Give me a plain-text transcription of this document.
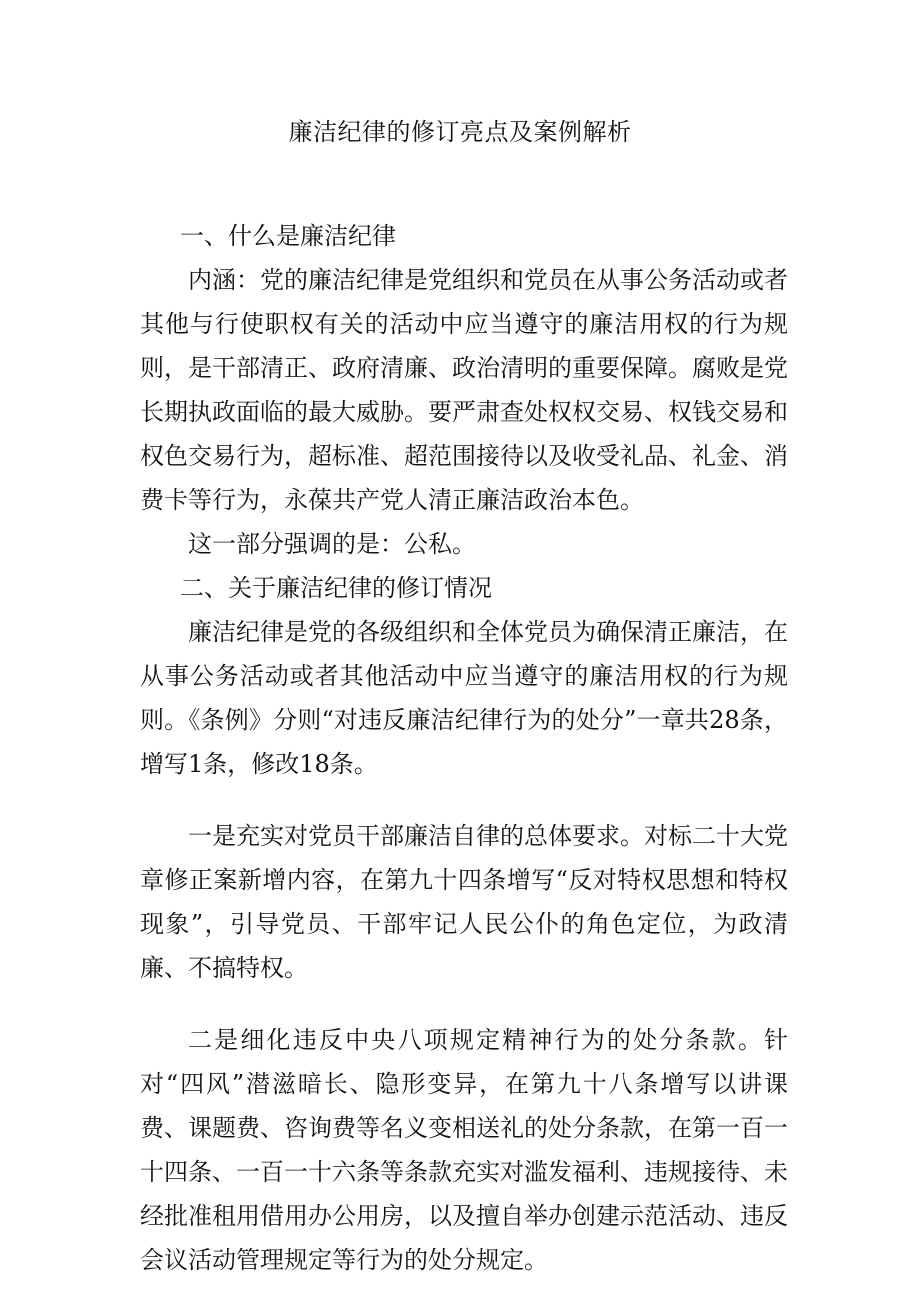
廉洁纪律的修订亮点及案例解析

一、什么是廉洁纪律

内涵：党的廉洁纪律是党组织和党员在从事公务活动或者其他与行使职权有关的活动中应当遵守的廉洁用权的行为规则，是干部清正、政府清廉、政治清明的重要保障。腐败是党长期执政面临的最大威胁。要严肃查处权权交易、权钱交易和权色交易行为，超标准、超范围接待以及收受礼品、礼金、消费卡等行为，永葆共产党人清正廉洁政治本色。

这一部分强调的是：公私。

二、关于廉洁纪律的修订情况

廉洁纪律是党的各级组织和全体党员为确保清正廉洁，在从事公务活动或者其他活动中应当遵守的廉洁用权的行为规则。《条例》分则“对违反廉洁纪律行为的处分”一章共28条，增写1条，修改18条。

一是充实对党员干部廉洁自律的总体要求。对标二十大党章修正案新增内容，在第九十四条增写“反对特权思想和特权现象”，引导党员、干部牢记人民公仆的角色定位，为政清廉、不搞特权。

二是细化违反中央八项规定精神行为的处分条款。针对“四风”潜滋暗长、隐形变异，在第九十八条增写以讲课费、课题费、咨询费等名义变相送礼的处分条款，在第一百一十四条、一百一十六条等条款充实对滥发福利、违规接待、未经批准租用借用办公用房，以及擅自举办创建示范活动、违反会议活动管理规定等行为的处分规定。
